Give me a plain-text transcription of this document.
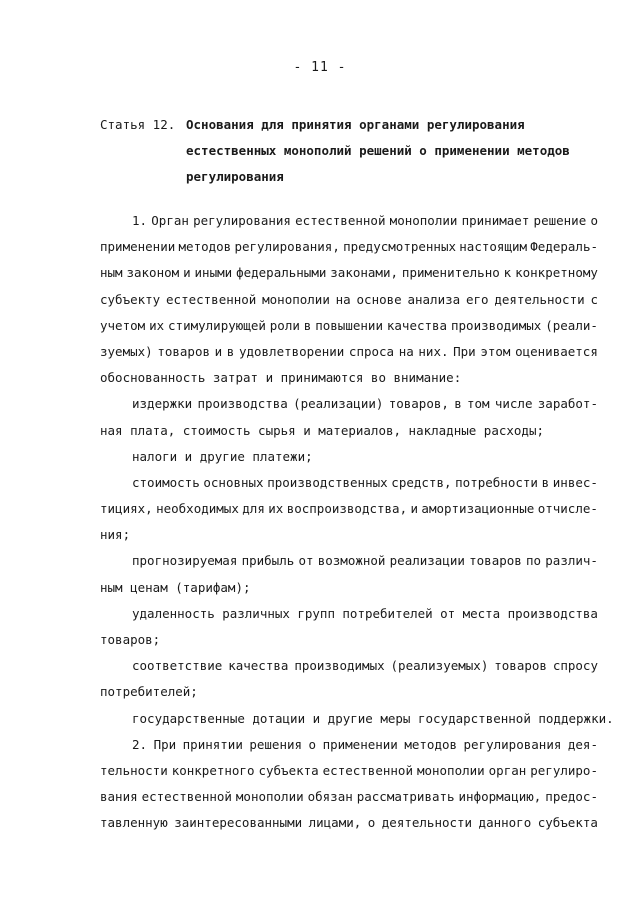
- 11 -
Статья 12. Основания для принятия органами регулирования
естественных монополий решений о применении методов
регулирования
1. Орган регулирования естественной монополии принимает решение о
применении методов регулирования, предусмотренных настоящим Федераль-
ным законом и иными федеральными законами, применительно к конкретному
субъекту естественной монополии на основе анализа его деятельности с
учетом их стимулирующей роли в повышении качества производимых (реали-
зуемых) товаров и в удовлетворении спроса на них. При этом оценивается
обоснованность затрат и принимаются во внимание:
издержки производства (реализации) товаров, в том числе заработ-
ная плата, стоимость сырья и материалов, накладные расходы;
налоги и другие платежи;
стоимость основных производственных средств, потребности в инвес-
тициях, необходимых для их воспроизводства, и амортизационные отчисле-
ния;
прогнозируемая прибыль от возможной реализации товаров по различ-
ным ценам (тарифам);
удаленность различных групп потребителей от места производства
товаров;
соответствие качества производимых (реализуемых) товаров спросу
потребителей;
государственные дотации и другие меры государственной поддержки.
2. При принятии решения о применении методов регулирования дея-
тельности конкретного субъекта естественной монополии орган регулиро-
вания естественной монополии обязан рассматривать информацию, предос-
тавленную заинтересованными лицами, о деятельности данного субъекта
